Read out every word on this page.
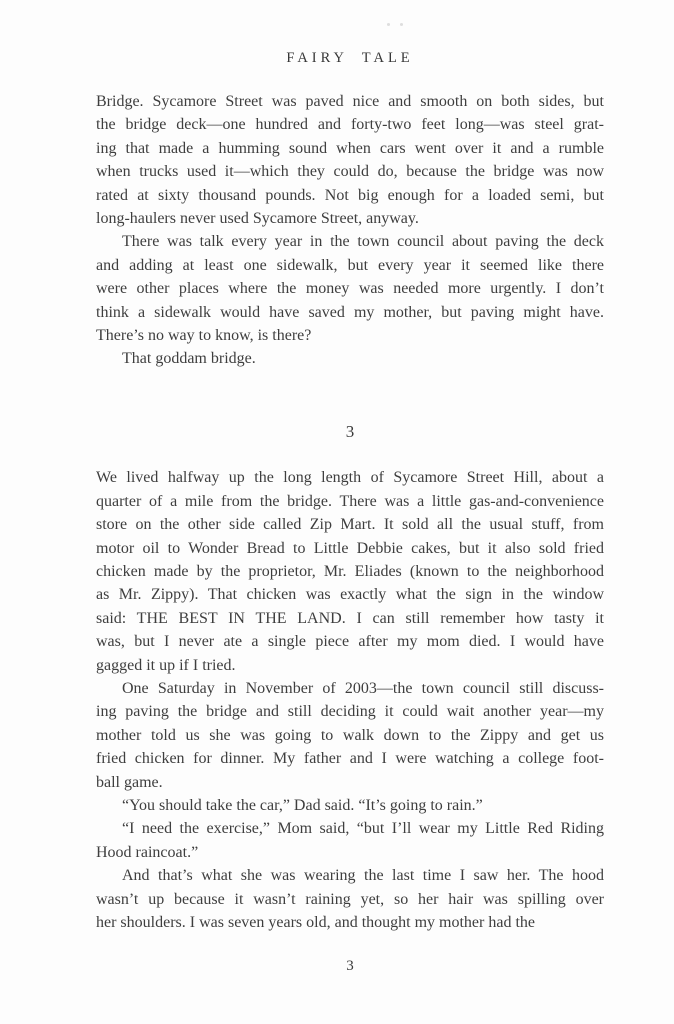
FAIRY TALE
Bridge. Sycamore Street was paved nice and smooth on both sides, but
the bridge deck—one hundred and forty-two feet long—was steel grat-
ing that made a humming sound when cars went over it and a rumble
when trucks used it—which they could do, because the bridge was now
rated at sixty thousand pounds. Not big enough for a loaded semi, but
long-haulers never used Sycamore Street, anyway.
There was talk every year in the town council about paving the deck
and adding at least one sidewalk, but every year it seemed like there
were other places where the money was needed more urgently. I don’t
think a sidewalk would have saved my mother, but paving might have.
There’s no way to know, is there?
That goddam bridge.
3
We lived halfway up the long length of Sycamore Street Hill, about a
quarter of a mile from the bridge. There was a little gas-and-convenience
store on the other side called Zip Mart. It sold all the usual stuff, from
motor oil to Wonder Bread to Little Debbie cakes, but it also sold fried
chicken made by the proprietor, Mr. Eliades (known to the neighborhood
as Mr. Zippy). That chicken was exactly what the sign in the window
said: THE BEST IN THE LAND. I can still remember how tasty it
was, but I never ate a single piece after my mom died. I would have
gagged it up if I tried.
One Saturday in November of 2003—the town council still discuss-
ing paving the bridge and still deciding it could wait another year—my
mother told us she was going to walk down to the Zippy and get us
fried chicken for dinner. My father and I were watching a college foot-
ball game.
“You should take the car,” Dad said. “It’s going to rain.”
“I need the exercise,” Mom said, “but I’ll wear my Little Red Riding
Hood raincoat.”
And that’s what she was wearing the last time I saw her. The hood
wasn’t up because it wasn’t raining yet, so her hair was spilling over
her shoulders. I was seven years old, and thought my mother had the
3
